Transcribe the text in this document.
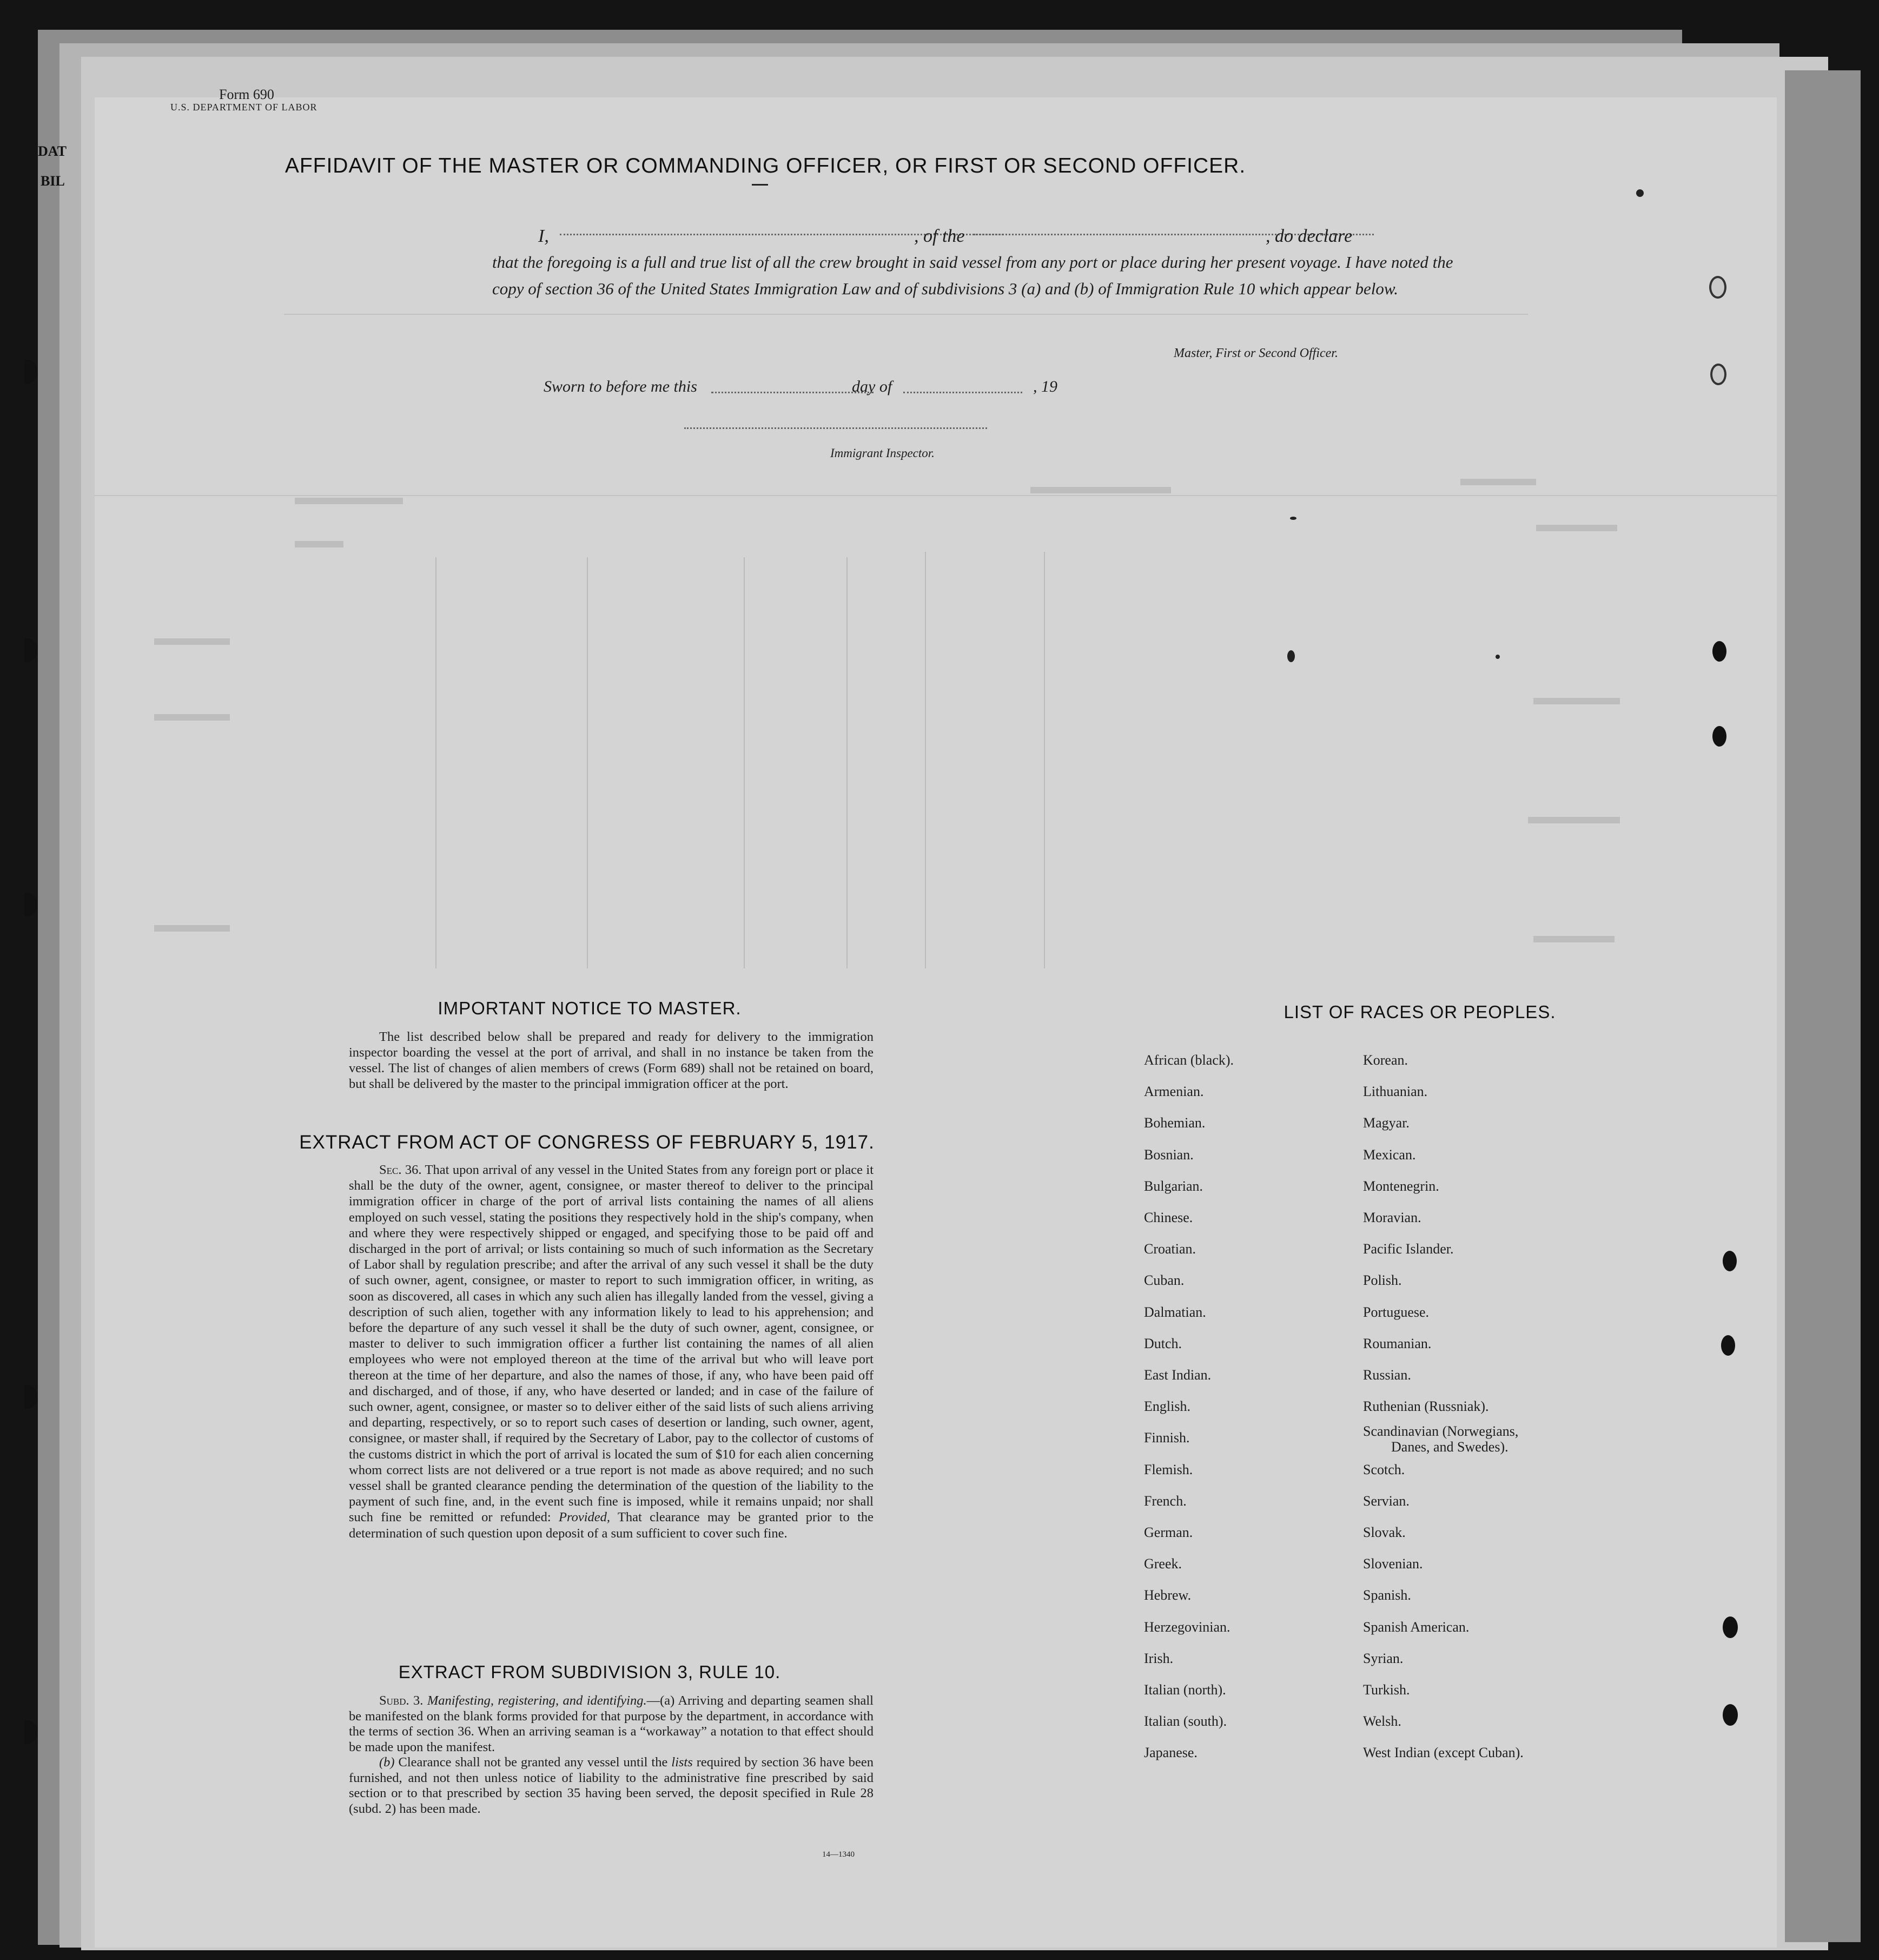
DAT
BIL
Form 690
U.S. DEPARTMENT OF LABOR
AFFIDAVIT OF THE MASTER OR COMMANDING OFFICER, OR FIRST OR SECOND OFFICER.
I,	, of the	, do declare
that the foregoing is a full and true list of all the crew brought in said vessel from any port or place during her present voyage. I have noted the copy of section 36 of the United States Immigration Law and of subdivisions 3 (a) and (b) of Immigration Rule 10 which appear below.
Master, First or Second Officer.
Sworn to before me this	day of	, 19
Immigrant Inspector.
IMPORTANT NOTICE TO MASTER.

The list described below shall be prepared and ready for delivery to the immigration inspector boarding the vessel at the port of arrival, and shall in no instance be taken from the vessel. The list of changes of alien members of crews (Form 689) shall not be retained on board, but shall be delivered by the master to the principal immigration officer at the port.

EXTRACT FROM ACT OF CONGRESS OF FEBRUARY 5, 1917.

Sec. 36. That upon arrival of any vessel in the United States from any foreign port or place it shall be the duty of the owner, agent, consignee, or master thereof to deliver to the principal immigration officer in charge of the port of arrival lists containing the names of all aliens employed on such vessel, stating the positions they respectively hold in the ship's company, when and where they were respectively shipped or engaged, and specifying those to be paid off and discharged in the port of arrival; or lists containing so much of such information as the Secretary of Labor shall by regulation prescribe; and after the arrival of any such vessel it shall be the duty of such owner, agent, consignee, or master to report to such immigration officer, in writing, as soon as discovered, all cases in which any such alien has illegally landed from the vessel, giving a description of such alien, together with any information likely to lead to his apprehension; and before the departure of any such vessel it shall be the duty of such owner, agent, consignee, or master to deliver to such immigration officer a further list containing the names of all alien employees who were not employed thereon at the time of the arrival but who will leave port thereon at the time of her departure, and also the names of those, if any, who have been paid off and discharged, and of those, if any, who have deserted or landed; and in case of the failure of such owner, agent, consignee, or master so to deliver either of the said lists of such aliens arriving and departing, respectively, or so to report such cases of desertion or landing, such owner, agent, consignee, or master shall, if required by the Secretary of Labor, pay to the collector of customs of the customs district in which the port of arrival is located the sum of $10 for each alien concerning whom correct lists are not delivered or a true report is not made as above required; and no such vessel shall be granted clearance pending the determination of the question of the liability to the payment of such fine, and, in the event such fine is imposed, while it remains unpaid; nor shall such fine be remitted or refunded: Provided, That clearance may be granted prior to the determination of such question upon deposit of a sum sufficient to cover such fine.

EXTRACT FROM SUBDIVISION 3, RULE 10.

Subd. 3. Manifesting, registering, and identifying.—(a) Arriving and departing seamen shall be manifested on the blank forms provided for that purpose by the department, in accordance with the terms of section 36. When an arriving seaman is a “workaway” a notation to that effect should be made upon the manifest.

(b) Clearance shall not be granted any vessel until the lists required by section 36 have been furnished, and not then unless notice of liability to the administrative fine prescribed by said section or to that prescribed by section 35 having been served, the deposit specified in Rule 28 (subd. 2) has been made.

14—1340
LIST OF RACES OR PEOPLES.
African (black).
Armenian.
Bohemian.
Bosnian.
Bulgarian.
Chinese.
Croatian.
Cuban.
Dalmatian.
Dutch.
East Indian.
English.
Finnish.
Flemish.
French.
German.
Greek.
Hebrew.
Herzegovinian.
Irish.
Italian (north).
Italian (south).
Japanese.
Korean.
Lithuanian.
Magyar.
Mexican.
Montenegrin.
Moravian.
Pacific Islander.
Polish.
Portuguese.
Roumanian.
Russian.
Ruthenian (Russniak).
Scandinavian (Norwegians,
Danes, and Swedes).
Scotch.
Servian.
Slovak.
Slovenian.
Spanish.
Spanish American.
Syrian.
Turkish.
Welsh.
West Indian (except Cuban).
